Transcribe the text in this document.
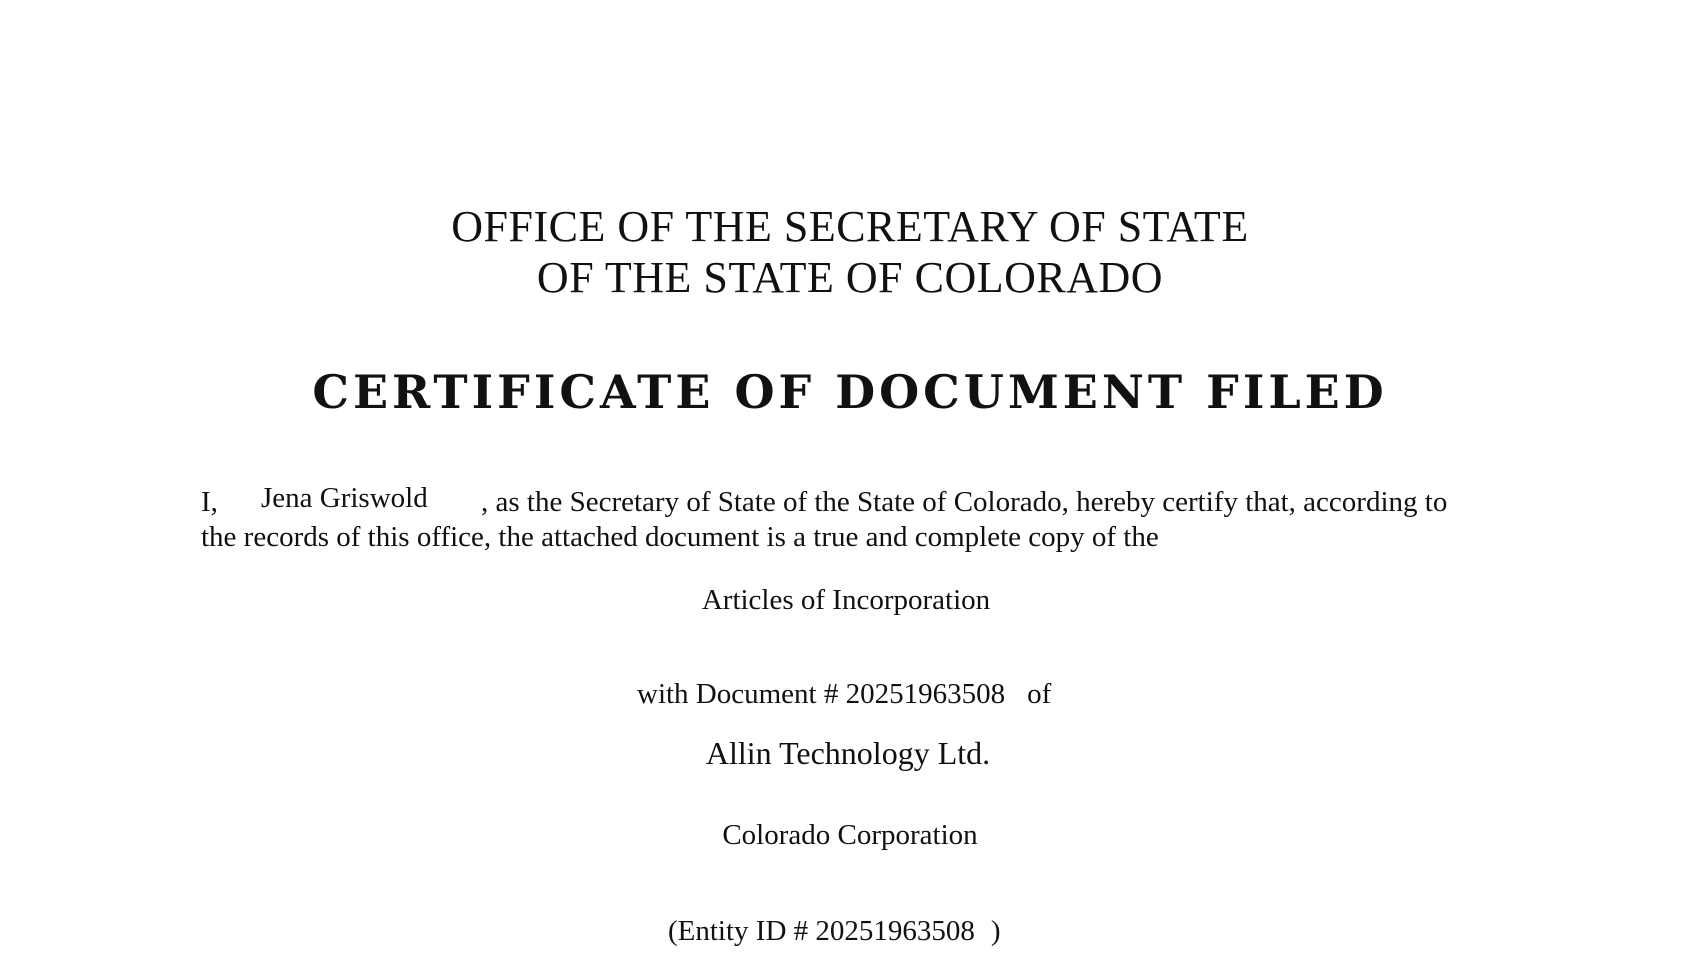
OFFICE OF THE SECRETARY OF STATE
OF THE STATE OF COLORADO
CERTIFICATE OF DOCUMENT FILED
I, Jena Griswold , as the Secretary of State of the State of Colorado, hereby certify that, according to
the records of this office, the attached document is a true and complete copy of the
Articles of Incorporation
with Document # 20251963508 of
Allin Technology Ltd.
Colorado Corporation
(Entity ID # 20251963508 )
